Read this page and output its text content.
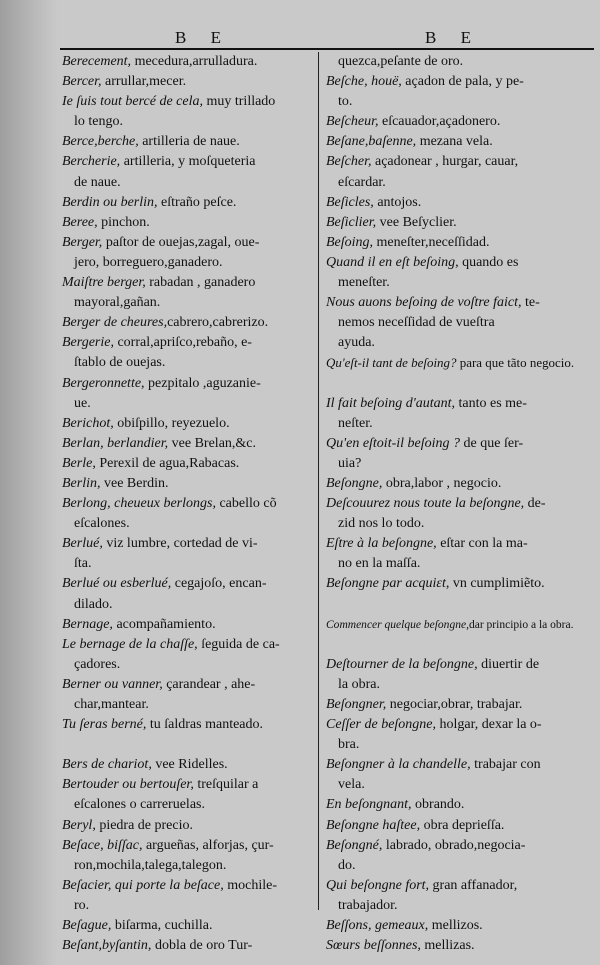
B E	B E
Berecement, mecedura,arrulladura.
Bercer, arrullar,mecer.
Ie ſuis tout bercé de cela, muy trillado
lo tengo.
Berce,berche, artilleria de naue.
Bercherie, artilleria, y moſqueteria
de naue.
Berdin ou berlin, eſtraño peſce.
Beree, pinchon.
Berger, paſtor de ouejas,zagal, oue-
jero, borreguero,ganadero.
Maiſtre berger, rabadan , ganadero
mayoral,gañan.
Berger de cheures,cabrero,cabrerizo.
Bergerie, corral,apriſco,rebaño, e-
ſtablo de ouejas.
Bergeronnette, pezpitalo ,aguzanie-
ue.
Berichot, obiſpillo, reyezuelo.
Berlan, berlandier, vee Brelan,&c.
Berle, Perexil de agua,Rabacas.
Berlin, vee Berdin.
Berlong, cheueux berlongs, cabello cõ
eſcalones.
Berlué, viz lumbre, cortedad de vi-
ſta.
Berlué ou esberlué, cegajoſo, encan-
dilado.
Bernage, acompañamiento.
Le bernage de la chaſſe, ſeguida de ca-
çadores.
Berner ou vanner, çarandear , ahe-
char,mantear.
Tu ſeras berné, tu ſaldras manteado.
Bers de chariot, vee Ridelles.
Bertouder ou bertouſer, treſquilar a
eſcalones o carreruelas.
Beryl, piedra de precio.
Beſace, biſſac, argueñas, alforjas, çur-
ron,mochila,talega,talegon.
Beſacier, qui porte la beſace, mochile-
ro.
Beſague, biſarma, cuchilla.
Beſant,byſantin, dobla de oro Tur-
quezca,peſante de oro.
Beſche, houë, açadon de pala, y pe-
to.
Beſcheur, eſcauador,açadonero.
Beſane,baſenne, mezana vela.
Beſcher, açadonear , hurgar, cauar,
eſcardar.
Beſicles, antojos.
Beſiclier, vee Beſyclier.
Beſoing, meneſter,neceſſidad.
Quand il en eſt beſoing, quando es
meneſter.
Nous auons beſoing de voſtre faict, te-
nemos neceſſidad de vueſtra
ayuda.
Qu'eſt-il tant de beſoing? para que tãto negocio.
Il fait beſoing d'autant, tanto es me-
neſter.
Qu'en eſtoit-il beſoing ? de que ſer-
uia?
Beſongne, obra,labor , negocio.
Deſcouurez nous toute la beſongne, de-
zid nos lo todo.
Eſtre à la beſongne, eſtar con la ma-
no en la maſſa.
Beſongne par acquiɛt, vn cumplimiẽto.
Commencer quelque beſongne,dar principio a la obra.
Deſtourner de la beſongne, diuertir de
la obra.
Beſongner, negociar,obrar, trabajar.
Ceſſer de beſongne, holgar, dexar la o-
bra.
Beſongner à la chandelle, trabajar con
vela.
En beſongnant, obrando.
Beſongne haſtee, obra deprieſſa.
Beſongné, labrado, obrado,negocia-
do.
Qui beſongne fort, gran affanador,
trabajador.
Beſſons, gemeaux, mellizos.
Sœurs beſſonnes, mellizas.
